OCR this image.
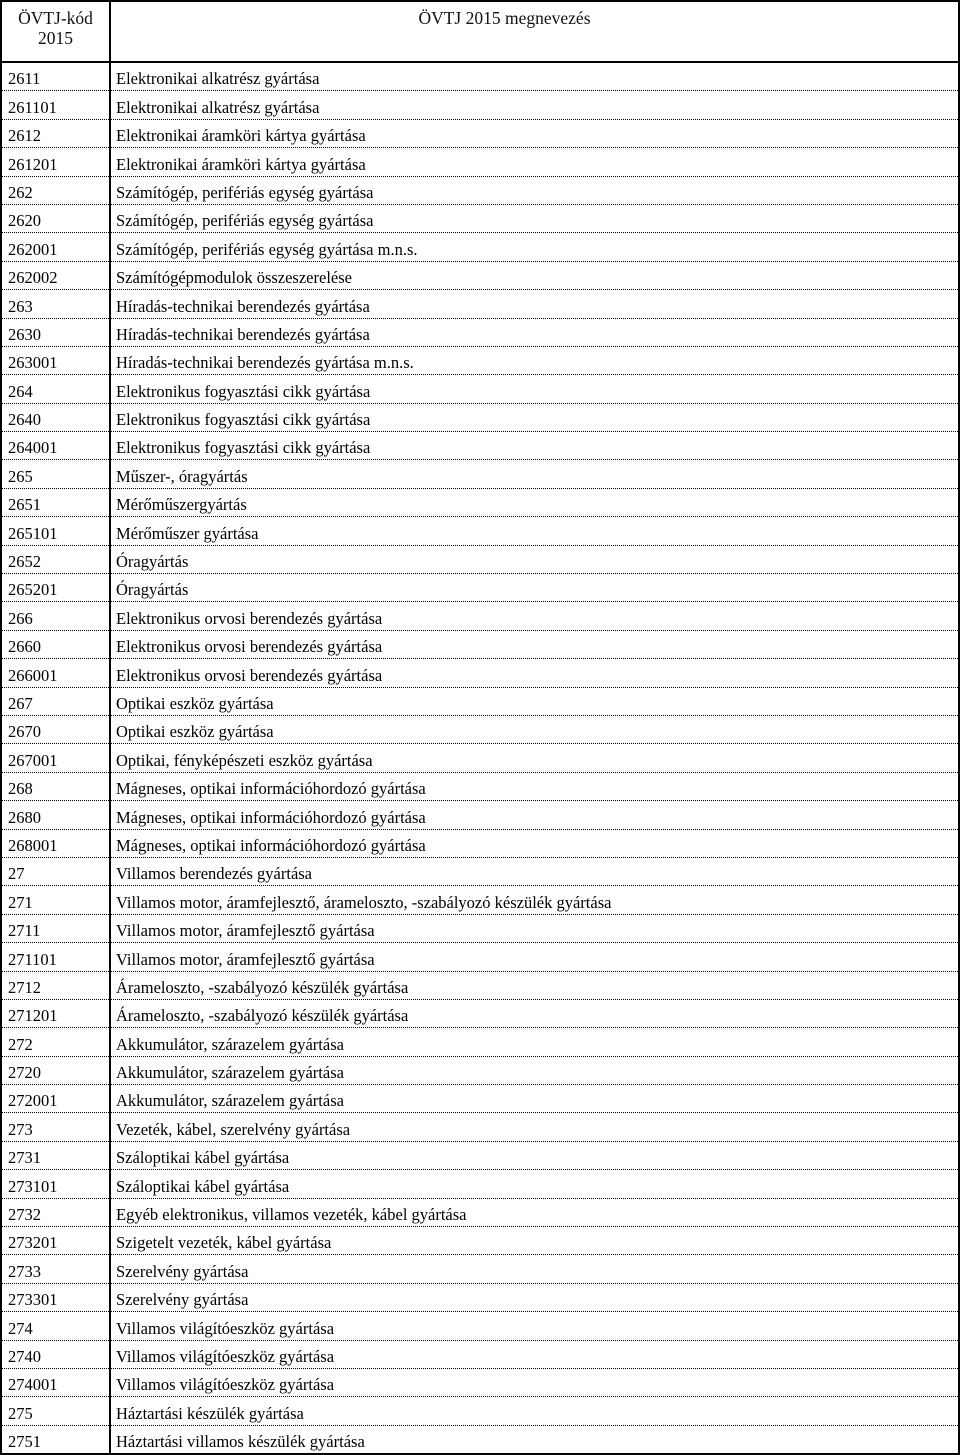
ÖVTJ-kód
2015	ÖVTJ 2015 megnevezés
2611	Elektronikai alkatrész gyártása
261101	Elektronikai alkatrész gyártása
2612	Elektronikai áramköri kártya gyártása
261201	Elektronikai áramköri kártya gyártása
262	Számítógép, perifériás egység gyártása
2620	Számítógép, perifériás egység gyártása
262001	Számítógép, perifériás egység gyártása m.n.s.
262002	Számítógépmodulok összeszerelése
263	Híradás-technikai berendezés gyártása
2630	Híradás-technikai berendezés gyártása
263001	Híradás-technikai berendezés gyártása m.n.s.
264	Elektronikus fogyasztási cikk gyártása
2640	Elektronikus fogyasztási cikk gyártása
264001	Elektronikus fogyasztási cikk gyártása
265	Műszer-, óragyártás
2651	Mérőműszergyártás
265101	Mérőműszer gyártása
2652	Óragyártás
265201	Óragyártás
266	Elektronikus orvosi berendezés gyártása
2660	Elektronikus orvosi berendezés gyártása
266001	Elektronikus orvosi berendezés gyártása
267	Optikai eszköz gyártása
2670	Optikai eszköz gyártása
267001	Optikai, fényképészeti eszköz gyártása
268	Mágneses, optikai információhordozó gyártása
2680	Mágneses, optikai információhordozó gyártása
268001	Mágneses, optikai információhordozó gyártása
27	Villamos berendezés gyártása
271	Villamos motor, áramfejlesztő, árameloszto, -szabályozó készülék gyártása
2711	Villamos motor, áramfejlesztő gyártása
271101	Villamos motor, áramfejlesztő gyártása
2712	Árameloszto, -szabályozó készülék gyártása
271201	Árameloszto, -szabályozó készülék gyártása
272	Akkumulátor, szárazelem gyártása
2720	Akkumulátor, szárazelem gyártása
272001	Akkumulátor, szárazelem gyártása
273	Vezeték, kábel, szerelvény gyártása
2731	Száloptikai kábel gyártása
273101	Száloptikai kábel gyártása
2732	Egyéb elektronikus, villamos vezeték, kábel gyártása
273201	Szigetelt vezeték, kábel gyártása
2733	Szerelvény gyártása
273301	Szerelvény gyártása
274	Villamos világítóeszköz gyártása
2740	Villamos világítóeszköz gyártása
274001	Villamos világítóeszköz gyártása
275	Háztartási készülék gyártása
2751	Háztartási villamos készülék gyártása
